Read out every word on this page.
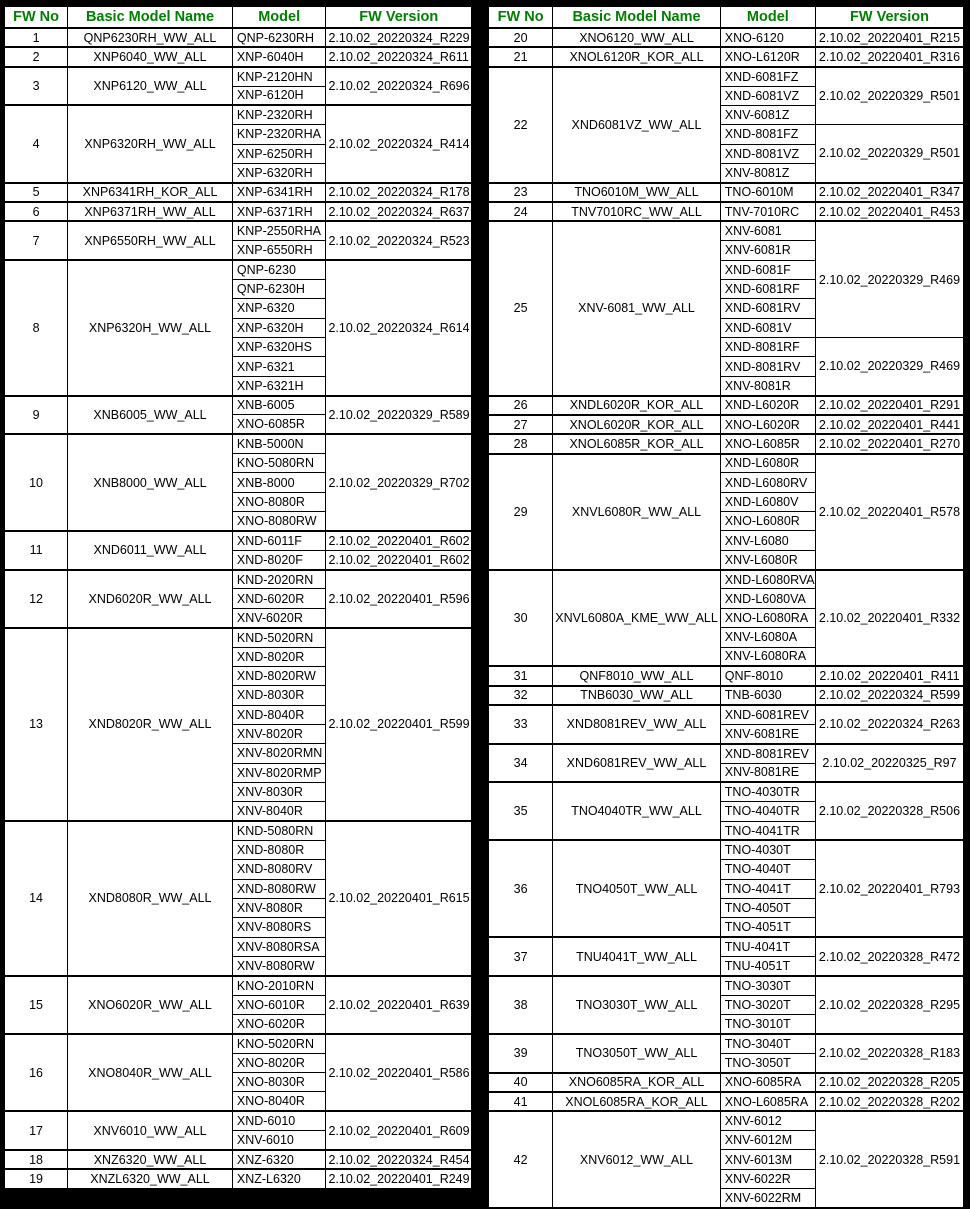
FW No	Basic Model Name	Model	FW Version
1	QNP6230RH_WW_ALL	QNP-6230RH	2.10.02_20220324_R229
2	XNP6040_WW_ALL	XNP-6040H	2.10.02_20220324_R611
3	XNP6120_WW_ALL	KNP-2120HN	2.10.02_20220324_R696
		XNP-6120H	
4	XNP6320RH_WW_ALL	KNP-2320RH	2.10.02_20220324_R414
		KNP-2320RHA	
		XNP-6250RH	
		XNP-6320RH	
5	XNP6341RH_KOR_ALL	XNP-6341RH	2.10.02_20220324_R178
6	XNP6371RH_WW_ALL	XNP-6371RH	2.10.02_20220324_R637
7	XNP6550RH_WW_ALL	KNP-2550RHA	2.10.02_20220324_R523
		XNP-6550RH	
8	XNP6320H_WW_ALL	QNP-6230	2.10.02_20220324_R614
		QNP-6230H	
		XNP-6320	
		XNP-6320H	
		XNP-6320HS	
		XNP-6321	
		XNP-6321H	
9	XNB6005_WW_ALL	XNB-6005	2.10.02_20220329_R589
		XNO-6085R	
10	XNB8000_WW_ALL	KNB-5000N	2.10.02_20220329_R702
		KNO-5080RN	
		XNB-8000	
		XNO-8080R	
		XNO-8080RW	
11	XND6011_WW_ALL	XND-6011F	2.10.02_20220401_R602
		XND-8020F	2.10.02_20220401_R602
12	XND6020R_WW_ALL	KND-2020RN	2.10.02_20220401_R596
		XND-6020R	
		XNV-6020R	
13	XND8020R_WW_ALL	KND-5020RN	2.10.02_20220401_R599
		XND-8020R	
		XND-8020RW	
		XND-8030R	
		XND-8040R	
		XNV-8020R	
		XNV-8020RMN	
		XNV-8020RMP	
		XNV-8030R	
		XNV-8040R	
14	XND8080R_WW_ALL	KND-5080RN	2.10.02_20220401_R615
		XND-8080R	
		XND-8080RV	
		XND-8080RW	
		XNV-8080R	
		XNV-8080RS	
		XNV-8080RSA	
		XNV-8080RW	
15	XNO6020R_WW_ALL	KNO-2010RN	2.10.02_20220401_R639
		XNO-6010R	
		XNO-6020R	
16	XNO8040R_WW_ALL	KNO-5020RN	2.10.02_20220401_R586
		XNO-8020R	
		XNO-8030R	
		XNO-8040R	
17	XNV6010_WW_ALL	XND-6010	2.10.02_20220401_R609
		XNV-6010	
18	XNZ6320_WW_ALL	XNZ-6320	2.10.02_20220324_R454
19	XNZL6320_WW_ALL	XNZ-L6320	2.10.02_20220401_R249
FW No	Basic Model Name	Model	FW Version
20	XNO6120_WW_ALL	XNO-6120	2.10.02_20220401_R215
21	XNOL6120R_KOR_ALL	XNO-L6120R	2.10.02_20220401_R316
22	XND6081VZ_WW_ALL	XND-6081FZ	2.10.02_20220329_R501
		XND-6081VZ	
		XNV-6081Z	
		XND-8081FZ	2.10.02_20220329_R501
		XND-8081VZ	
		XNV-8081Z	
23	TNO6010M_WW_ALL	TNO-6010M	2.10.02_20220401_R347
24	TNV7010RC_WW_ALL	TNV-7010RC	2.10.02_20220401_R453
25	XNV-6081_WW_ALL	XNV-6081	2.10.02_20220329_R469
		XNV-6081R	
		XND-6081F	
		XND-6081RF	
		XND-6081RV	
		XND-6081V	
		XND-8081RF	2.10.02_20220329_R469
		XND-8081RV	
		XNV-8081R	
26	XNDL6020R_KOR_ALL	XND-L6020R	2.10.02_20220401_R291
27	XNOL6020R_KOR_ALL	XNO-L6020R	2.10.02_20220401_R441
28	XNOL6085R_KOR_ALL	XNO-L6085R	2.10.02_20220401_R270
29	XNVL6080R_WW_ALL	XND-L6080R	2.10.02_20220401_R578
		XND-L6080RV	
		XND-L6080V	
		XNO-L6080R	
		XNV-L6080	
		XNV-L6080R	
30	XNVL6080A_KME_WW_ALL	XND-L6080RVA	2.10.02_20220401_R332
		XND-L6080VA	
		XNO-L6080RA	
		XNV-L6080A	
		XNV-L6080RA	
31	QNF8010_WW_ALL	QNF-8010	2.10.02_20220401_R411
32	TNB6030_WW_ALL	TNB-6030	2.10.02_20220324_R599
33	XND8081REV_WW_ALL	XND-6081REV	2.10.02_20220324_R263
		XNV-6081RE	
34	XND6081REV_WW_ALL	XND-8081REV	2.10.02_20220325_R97
		XNV-8081RE	
35	TNO4040TR_WW_ALL	TNO-4030TR	2.10.02_20220328_R506
		TNO-4040TR	
		TNO-4041TR	
36	TNO4050T_WW_ALL	TNO-4030T	2.10.02_20220401_R793
		TNO-4040T	
		TNO-4041T	
		TNO-4050T	
		TNO-4051T	
37	TNU4041T_WW_ALL	TNU-4041T	2.10.02_20220328_R472
		TNU-4051T	
38	TNO3030T_WW_ALL	TNO-3030T	2.10.02_20220328_R295
		TNO-3020T	
		TNO-3010T	
39	TNO3050T_WW_ALL	TNO-3040T	2.10.02_20220328_R183
		TNO-3050T	
40	XNO6085RA_KOR_ALL	XNO-6085RA	2.10.02_20220328_R205
41	XNOL6085RA_KOR_ALL	XNO-L6085RA	2.10.02_20220328_R202
42	XNV6012_WW_ALL	XNV-6012	2.10.02_20220328_R591
		XNV-6012M	
		XNV-6013M	
		XNV-6022R	
		XNV-6022RM	
